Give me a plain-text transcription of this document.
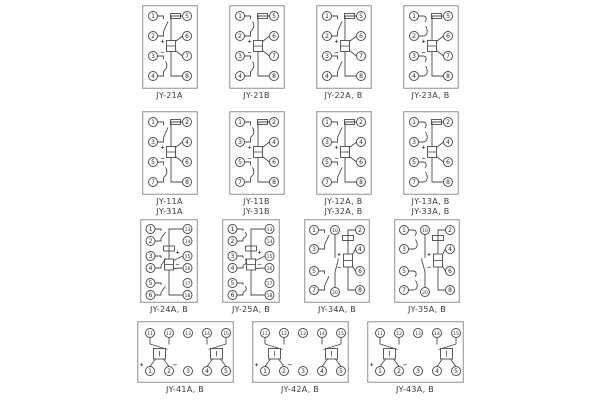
+
−
1	5
2	6
3	7
4	8
JY-21A
+
−
1	5
2	6
3	7
4	8
JY-21B
+
−
1	5
2	6
3	7
4	8
JY-22A, B
+
−
1	5
2	6
3	7
4	8
JY-23A, B
+
−
1	2
3	4
5	6
7	8
JY-11A
JY-31A
+
−
1	2
3	4
5	6
7	8
JY-11B
JY-31B
+
−
1	2
3	4
5	6
7	8
JY-12A, B
JY-32A, B
+
−
1	2
3	4
5	6
7	8
JY-13A, B
JY-33A, B
+
−
1	13
2	14
3	15
4	16
5	17
6	18
JY-24A, B
+
−
1	13
2	14
3	15
4	16
5	17
6	18
JY-25A, B
+
−
1	2
3	4
5	6
7	8
10
20
JY-34A, B
+
−
1	2
3	4
5	6
7	8
10
20
JY-35A, B
+	−
11
1
12
2
13
3
14
4
15
5
JY-41A, B
+	−
11
1
12
2
13
3
14
4
15
5
JY-42A, B
+	−
11
1
12
2
13
3
14
4
15
5
JY-43A, B
